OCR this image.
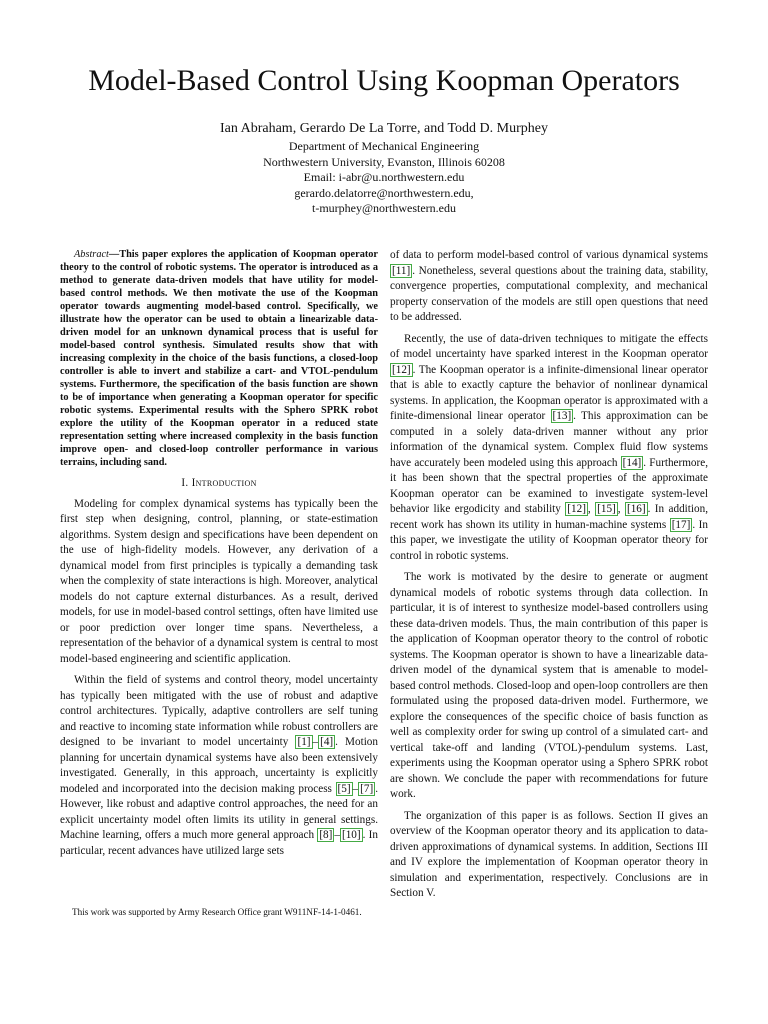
Model-Based Control Using Koopman Operators
Ian Abraham, Gerardo De La Torre, and Todd D. Murphey
Department of Mechanical Engineering
Northwestern University, Evanston, Illinois 60208
Email: i-abr@u.northwestern.edu
gerardo.delatorre@northwestern.edu,
t-murphey@northwestern.edu

Abstract—This paper explores the application of Koopman operator theory to the control of robotic systems. The operator is introduced as a method to generate data-driven models that have utility for model-based control methods. We then motivate the use of the Koopman operator towards augmenting model-based control. Specifically, we illustrate how the operator can be used to obtain a linearizable data-driven model for an unknown dynamical process that is useful for model-based control synthesis. Simulated results show that with increasing complexity in the choice of the basis functions, a closed-loop controller is able to invert and stabilize a cart- and VTOL-pendulum systems. Furthermore, the specification of the basis function are shown to be of importance when generating a Koopman operator for specific robotic systems. Experimental results with the Sphero SPRK robot explore the utility of the Koopman operator in a reduced state representation setting where increased complexity in the basis function improve open- and closed-loop controller performance in various terrains, including sand.

I. Introduction

Modeling for complex dynamical systems has typically been the first step when designing, control, planning, or state-estimation algorithms. System design and specifications have been dependent on the use of high-fidelity models. However, any derivation of a dynamical model from first principles is typically a demanding task when the complexity of state interactions is high. Moreover, analytical models do not capture external disturbances. As a result, derived models, for use in model-based control settings, often have limited use or poor prediction over longer time spans. Nevertheless, a representation of the behavior of a dynamical system is central to most model-based engineering and scientific application.

Within the field of systems and control theory, model uncertainty has typically been mitigated with the use of robust and adaptive control architectures. Typically, adaptive controllers are self tuning and reactive to incoming state information while robust controllers are designed to be invariant to model uncertainty [1] – [4] . Motion planning for uncertain dynamical systems have also been extensively investigated. Generally, in this approach, uncertainty is explicitly modeled and incorporated into the decision making process [5] – [7] . However, like robust and adaptive control approaches, the need for an explicit uncertainty model often limits its utility in general settings. Machine learning, offers a much more general approach [8] – [10] . In particular, recent advances have utilized large sets

This work was supported by Army Research Office grant W911NF-14-1-0461.

of data to perform model-based control of various dynamical systems [11] . Nonetheless, several questions about the training data, stability, convergence properties, computational complexity, and mechanical property conservation of the models are still open questions that need to be addressed.

Recently, the use of data-driven techniques to mitigate the effects of model uncertainty have sparked interest in the Koopman operator [12] . The Koopman operator is a infinite-dimensional linear operator that is able to exactly capture the behavior of nonlinear dynamical systems. In application, the Koopman operator is approximated with a finite-dimensional linear operator [13] . This approximation can be computed in a solely data-driven manner without any prior information of the dynamical system. Complex fluid flow systems have accurately been modeled using this approach [14] . Furthermore, it has been shown that the spectral properties of the approximate Koopman operator can be examined to investigate system-level behavior like ergodicity and stability [12] , [15] , [16] . In addition, recent work has shown its utility in human-machine systems [17] . In this paper, we investigate the utility of Koopman operator theory for control in robotic systems.

The work is motivated by the desire to generate or augment dynamical models of robotic systems through data collection. In particular, it is of interest to synthesize model-based controllers using these data-driven models. Thus, the main contribution of this paper is the application of Koopman operator theory to the control of robotic systems. The Koopman operator is shown to have a linearizable data-driven model of the dynamical system that is amenable to model-based control methods. Closed-loop and open-loop controllers are then formulated using the proposed data-driven model. Furthermore, we explore the consequences of the specific choice of basis function as well as complexity order for swing up control of a simulated cart- and vertical take-off and landing (VTOL)-pendulum systems. Last, experiments using the Koopman operator using a Sphero SPRK robot are shown. We conclude the paper with recommendations for future work.

The organization of this paper is as follows. Section II gives an overview of the Koopman operator theory and its application to data-driven approximations of dynamical systems. In addition, Sections III and IV explore the implementation of Koopman operator theory in simulation and experimentation, respectively. Conclusions are in Section V.
